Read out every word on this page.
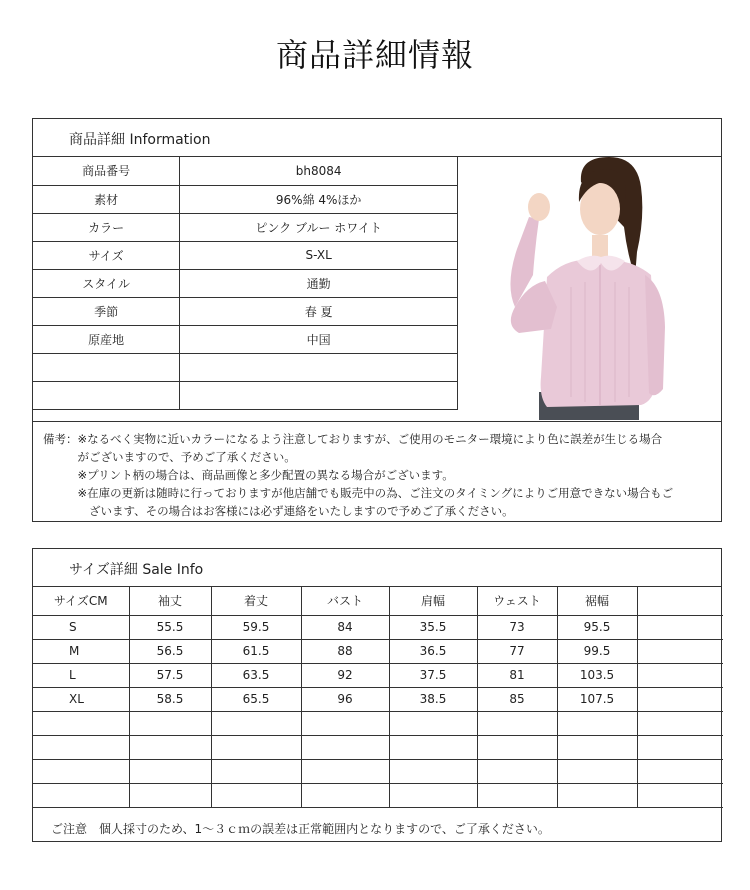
商品詳細情報
商品詳細 Information
商品番号	bh8084
素材	96%綿 4%ほか
カラー	ピンク ブルー ホワイト
サイズ	S-XL
スタイル	通勤
季節	春 夏
原産地	中国

備考：※なるべく実物に近いカラーになるよう注意しておりますが、ご使用のモニター環境により色に誤差が生じる場合
　　　がございますので、予めご了承ください。
　　　※プリント柄の場合は、商品画像と多少配置の異なる場合がございます。
　　　※在庫の更新は随時に行っておりますが他店舗でも販売中の為、ご注文のタイミングによりご用意できない場合もご
　　　　ざいます、その場合はお客様には必ず連絡をいたしますので予めご了承ください。
サイズ詳細 Sale Info
サイズCM	袖丈	着丈	バスト	肩幅	ウェスト	裾幅	
S	55.5	59.5	84	35.5	73	95.5	
M	56.5	61.5	88	36.5	77	99.5	
L	57.5	63.5	92	37.5	81	103.5	
XL	58.5	65.5	96	38.5	85	107.5	

ご注意　個人採寸のため、1～３ｃｍの誤差は正常範囲内となりますので、ご了承ください。
